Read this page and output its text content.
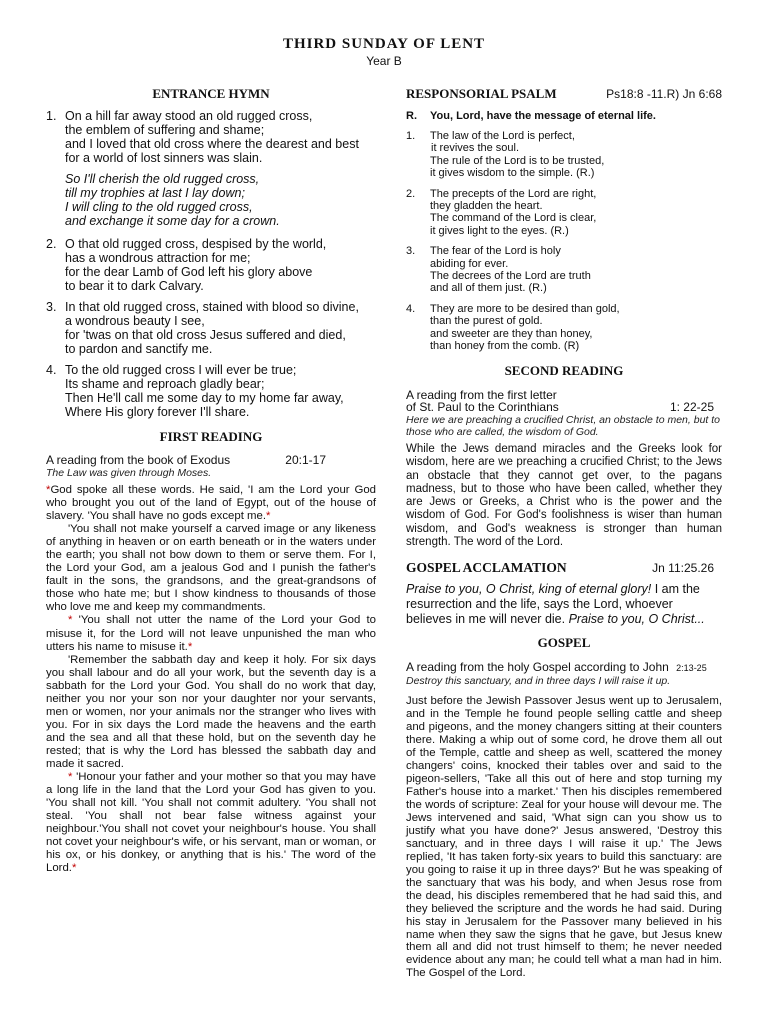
THIRD SUNDAY OF LENT
Year B
ENTRANCE HYMN
1. On a hill far away stood an old rugged cross,
the emblem of suffering and shame;
and I loved that old cross where the dearest and best
for a world of lost sinners was slain.
So I'll cherish the old rugged cross,
till my trophies at last I lay down;
I will cling to the old rugged cross,
and exchange it some day for a crown.
2. O that old rugged cross, despised by the world,
has a wondrous attraction for me;
for the dear Lamb of God left his glory above
to bear it to dark Calvary.
3. In that old rugged cross, stained with blood so divine,
a wondrous beauty I see,
for 'twas on that old cross Jesus suffered and died,
to pardon and sanctify me.
4. To the old rugged cross I will ever be true;
Its shame and reproach gladly bear;
Then He'll call me some day to my home far away,
Where His glory forever I'll share.
FIRST READING
A reading from the book of Exodus	20:1-17
The Law was given through Moses.
*God spoke all these words. He said, 'I am the Lord your God who brought you out of the land of Egypt, out of the house of slavery. 'You shall have no gods except me.*
'You shall not make yourself a carved image or any likeness of anything in heaven or on earth beneath or in the waters under the earth; you shall not bow down to them or serve them. For I, the Lord your God, am a jealous God and I punish the father's fault in the sons, the grandsons, and the great-grandsons of those who hate me; but I show kindness to thousands of those who love me and keep my commandments.
* 'You shall not utter the name of the Lord your God to misuse it, for the Lord will not leave unpunished the man who utters his name to misuse it.*
'Remember the sabbath day and keep it holy. For six days you shall labour and do all your work, but the seventh day is a sabbath for the Lord your God. You shall do no work that day, neither you nor your son nor your daughter nor your servants, men or women, nor your animals nor the stranger who lives with you. For in six days the Lord made the heavens and the earth and the sea and all that these hold, but on the seventh day he rested; that is why the Lord has blessed the sabbath day and made it sacred.
* 'Honour your father and your mother so that you may have a long life in the land that the Lord your God has given to you. 'You shall not kill. 'You shall not commit adultery. 'You shall not steal. 'You shall not bear false witness against your neighbour.'You shall not covet your neighbour's house. You shall not covet your neighbour's wife, or his servant, man or woman, or his ox, or his donkey, or anything that is his.' The word of the Lord.*
RESPONSORIAL PSALM	Ps18:8 -11.R) Jn 6:68
R.	You, Lord, have the message of eternal life.
1.	The law of the Lord is perfect,
it revives the soul.
The rule of the Lord is to be trusted,
it gives wisdom to the simple. (R.)
2.	The precepts of the Lord are right,
they gladden the heart.
The command of the Lord is clear,
it gives light to the eyes. (R.)
3.	The fear of the Lord is holy
abiding for ever.
The decrees of the Lord are truth
and all of them just. (R.)
4.	They are more to be desired than gold,
than the purest of gold.
and sweeter are they than honey,
than honey from the comb. (R)
SECOND READING
A reading from the first letter
of St. Paul to the Corinthians	1: 22-25
Here we are preaching a crucified Christ, an obstacle to men, but to those who are called, the wisdom of God.
While the Jews demand miracles and the Greeks look for wisdom, here are we preaching a crucified Christ; to the Jews an obstacle that they cannot get over, to the pagans madness, but to those who have been called, whether they are Jews or Greeks, a Christ who is the power and the wisdom of God. For God's foolishness is wiser than human wisdom, and God's weakness is stronger than human strength. The word of the Lord.
GOSPEL ACCLAMATION	Jn 11:25.26
Praise to you, O Christ, king of eternal glory! I am the resurrection and the life, says the Lord, whoever believes in me will never die. Praise to you, O Christ...
GOSPEL
A reading from the holy Gospel according to John 2:13-25
Destroy this sanctuary, and in three days I will raise it up.
Just before the Jewish Passover Jesus went up to Jerusalem, and in the Temple he found people selling cattle and sheep and pigeons, and the money changers sitting at their counters there. Making a whip out of some cord, he drove them all out of the Temple, cattle and sheep as well, scattered the money changers' coins, knocked their tables over and said to the pigeon-sellers, 'Take all this out of here and stop turning my Father's house into a market.' Then his disciples remembered the words of scripture: Zeal for your house will devour me. The Jews intervened and said, 'What sign can you show us to justify what you have done?' Jesus answered, 'Destroy this sanctuary, and in three days I will raise it up.' The Jews replied, 'It has taken forty-six years to build this sanctuary: are you going to raise it up in three days?' But he was speaking of the sanctuary that was his body, and when Jesus rose from the dead, his disciples remembered that he had said this, and they believed the scripture and the words he had said. During his stay in Jerusalem for the Passover many believed in his name when they saw the signs that he gave, but Jesus knew them all and did not trust himself to them; he never needed evidence about any man; he could tell what a man had in him. The Gospel of the Lord.
